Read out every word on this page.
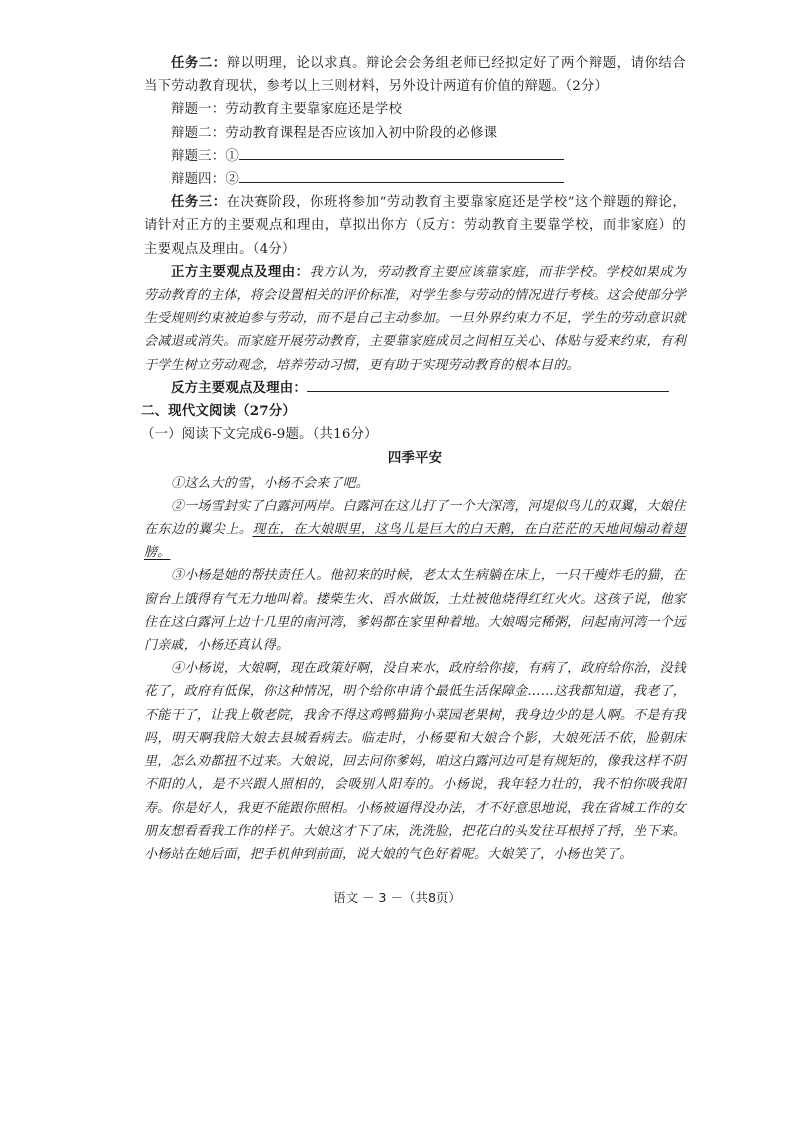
任务二：辩以明理，论以求真。辩论会会务组老师已经拟定好了两个辩题，请你结合当下劳动教育现状，参考以上三则材料，另外设计两道有价值的辩题。（2分）

辩题一：劳动教育主要靠家庭还是学校

辩题二：劳动教育课程是否应该加入初中阶段的必修课

辩题三：①

辩题四：②

任务三：在决赛阶段，你班将参加“劳动教育主要靠家庭还是学校”这个辩题的辩论，请针对正方的主要观点和理由，草拟出你方（反方：劳动教育主要靠学校，而非家庭）的主要观点及理由。（4分）

正方主要观点及理由：我方认为，劳动教育主要应该靠家庭，而非学校。学校如果成为劳动教育的主体，将会设置相关的评价标准，对学生参与劳动的情况进行考核。这会使部分学生受规则约束被迫参与劳动，而不是自己主动参加。一旦外界约束力不足，学生的劳动意识就会减退或消失。而家庭开展劳动教育，主要靠家庭成员之间相互关心、体贴与爱来约束，有利于学生树立劳动观念，培养劳动习惯，更有助于实现劳动教育的根本目的。

反方主要观点及理由：

二、现代文阅读（27分）

（一）阅读下文完成6-9题。（共16分）

四季平安

①这么大的雪，小杨不会来了吧。

②一场雪封实了白露河两岸。白露河在这儿打了一个大深湾，河堤似鸟儿的双翼，大娘住在东边的翼尖上。现在，在大娘眼里，这鸟儿是巨大的白天鹅，在白茫茫的天地间煽动着翅膀。

③小杨是她的帮扶责任人。他初来的时候，老太太生病躺在床上，一只干瘦炸毛的猫，在窗台上饿得有气无力地叫着。搂柴生火、舀水做饭，土灶被他烧得红红火火。这孩子说，他家住在这白露河上边十几里的南河湾，爹妈都在家里种着地。大娘喝完稀粥，问起南河湾一个远门亲戚，小杨还真认得。

④小杨说，大娘啊，现在政策好啊，没自来水，政府给你接，有病了，政府给你治，没钱花了，政府有低保，你这种情况，明个给你申请个最低生活保障金……这我都知道，我老了，不能干了，让我上敬老院，我舍不得这鸡鸭猫狗小菜园老果树，我身边少的是人啊。不是有我吗，明天啊我陪大娘去县城看病去。临走时，小杨要和大娘合个影，大娘死活不依，脸朝床里，怎么劝都扭不过来。大娘说，回去问你爹妈，咱这白露河边可是有规矩的，像我这样不阴不阳的人，是不兴跟人照相的，会吸别人阳寿的。小杨说，我年轻力壮的，我不怕你吸我阳寿。你是好人，我更不能跟你照相。小杨被逼得没办法，才不好意思地说，我在省城工作的女朋友想看看我工作的样子。大娘这才下了床，洗洗脸，把花白的头发往耳根捋了捋，坐下来。小杨站在她后面，把手机伸到前面，说大娘的气色好着呢。大娘笑了，小杨也笑了。

语文 － 3 －（共8页）
